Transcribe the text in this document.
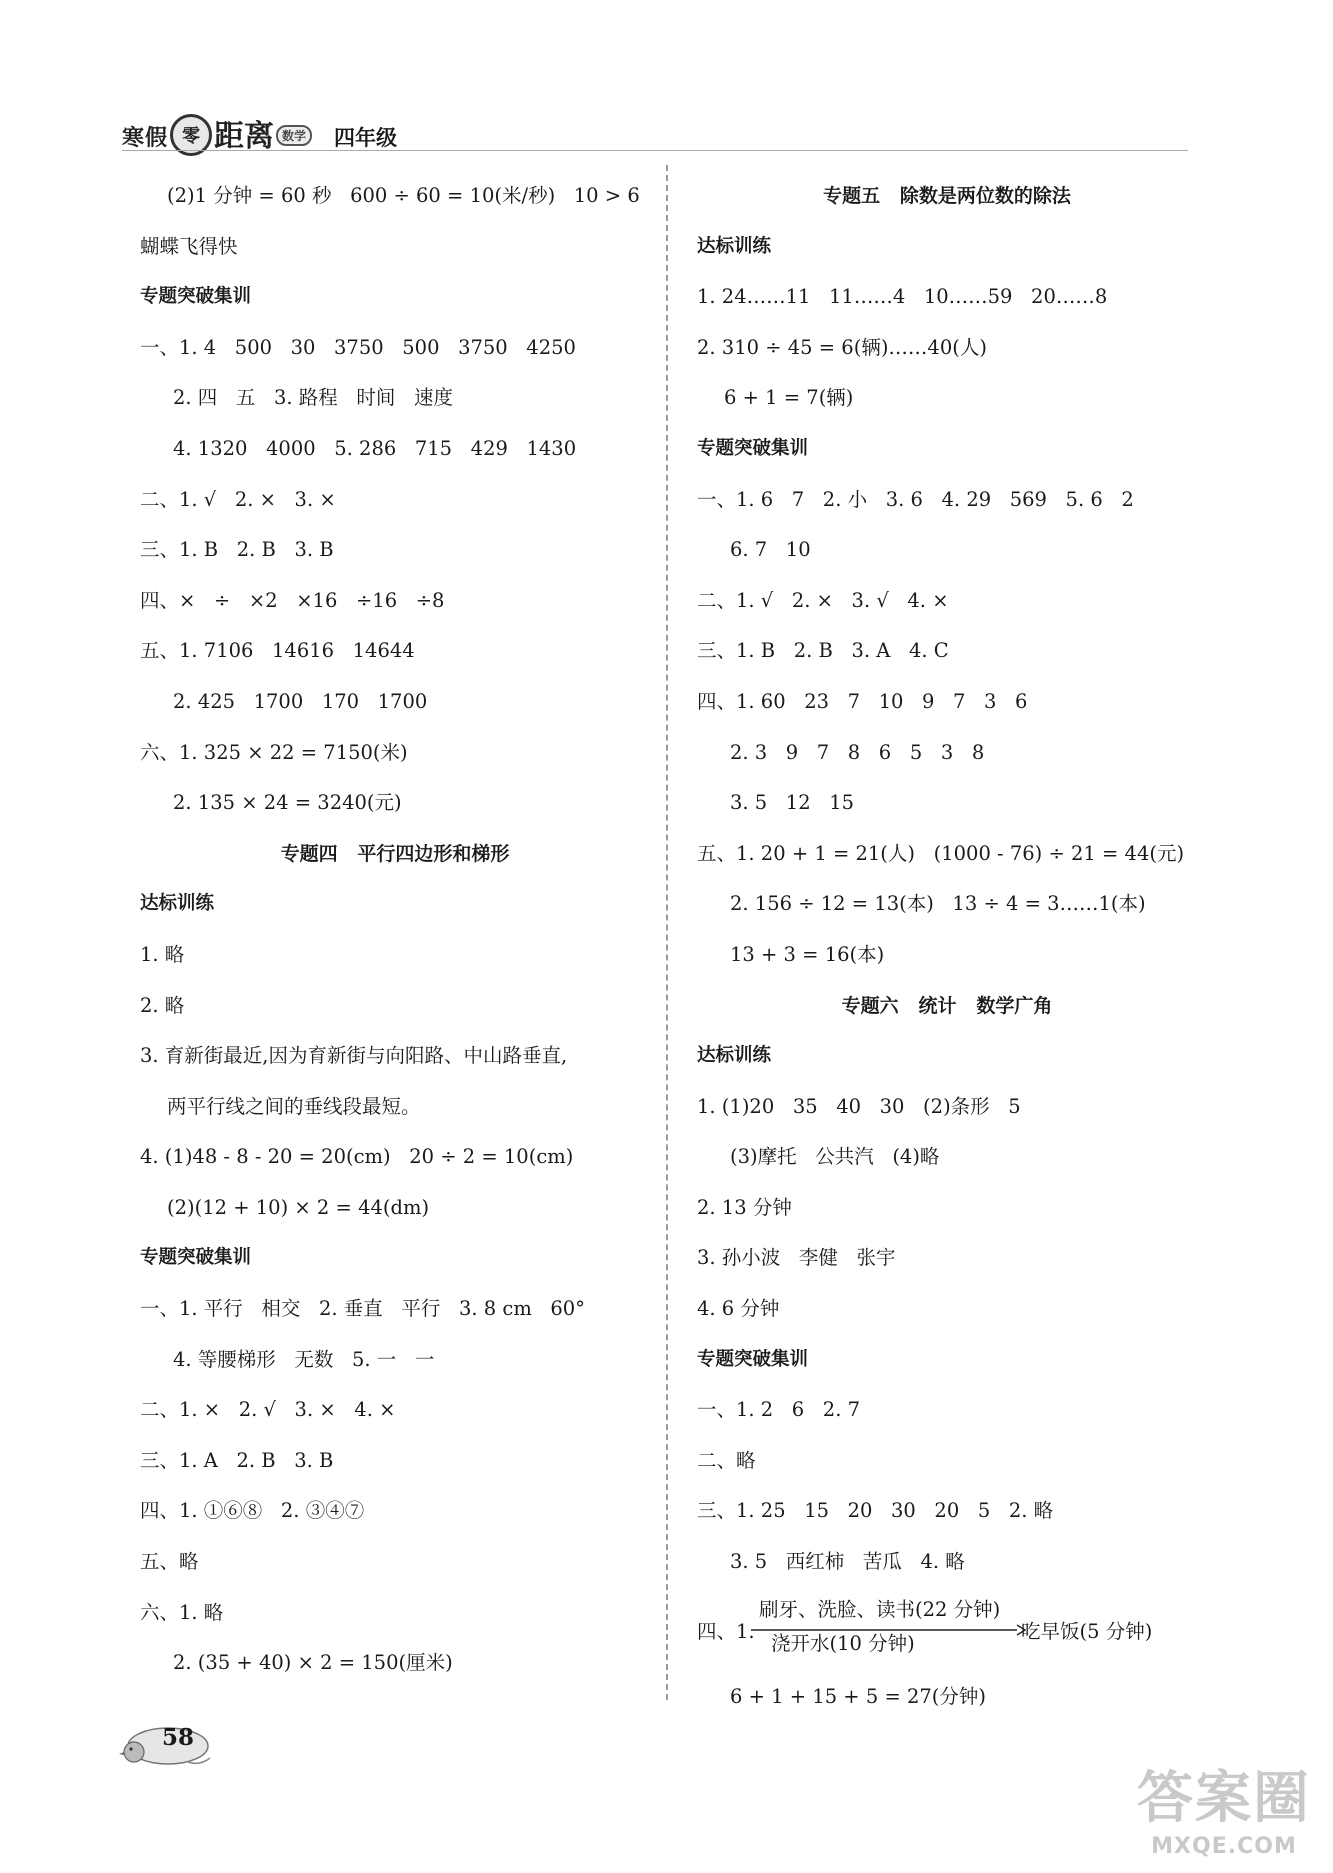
寒假 零 距离 数学 四年级
(2)1 分钟 = 60 秒   600 ÷ 60 = 10(米/秒)   10 > 6
蝴蝶飞得快
专题突破集训
一、1. 4   500   30   3750   500   3750   4250
2. 四   五   3. 路程   时间   速度
4. 1320   4000   5. 286   715   429   1430
二、1. √   2. ×   3. ×
三、1. B   2. B   3. B
四、×   ÷   ×2   ×16   ÷16   ÷8
五、1. 7106   14616   14644
2. 425   1700   170   1700
六、1. 325 × 22 = 7150(米)
2. 135 × 24 = 3240(元)
专题四   平行四边形和梯形
达标训练
1. 略
2. 略
3. 育新街最近,因为育新街与向阳路、中山路垂直,
两平行线之间的垂线段最短。
4. (1)48 - 8 - 20 = 20(cm)   20 ÷ 2 = 10(cm)
(2)(12 + 10) × 2 = 44(dm)
专题突破集训
一、1. 平行   相交   2. 垂直   平行   3. 8 cm   60°
4. 等腰梯形   无数   5. 一   一
二、1. ×   2. √   3. ×   4. ×
三、1. A   2. B   3. B
四、1. ①⑥⑧   2. ③④⑦
五、略
六、1. 略
2. (35 + 40) × 2 = 150(厘米)
专题五   除数是两位数的除法
达标训练
1. 24……11   11……4   10……59   20……8
2. 310 ÷ 45 = 6(辆)……40(人)
6 + 1 = 7(辆)
专题突破集训
一、1. 6   7   2. 小   3. 6   4. 29   569   5. 6   2
6. 7   10
二、1. √   2. ×   3. √   4. ×
三、1. B   2. B   3. A   4. C
四、1. 60   23   7   10   9   7   3   6
2. 3   9   7   8   6   5   3   8
3. 5   12   15
五、1. 20 + 1 = 21(人)   (1000 - 76) ÷ 21 = 44(元)
2. 156 ÷ 12 = 13(本)   13 ÷ 4 = 3……1(本)
13 + 3 = 16(本)
专题六   统计   数学广角
达标训练
1. (1)20   35   40   30   (2)条形   5
(3)摩托   公共汽   (4)略
2. 13 分钟
3. 孙小波   李健   张宇
4. 6 分钟
专题突破集训
一、1. 2   6   2. 7
二、略
三、1. 25   15   20   30   20   5   2. 略
3. 5   西红柿   苦瓜   4. 略
四、1.
刷牙、洗脸、读书(22 分钟)
浇开水(10 分钟)
吃早饭(5 分钟)
6 + 1 + 15 + 5 = 27(分钟)
58
答案圈
MXQE.COM
